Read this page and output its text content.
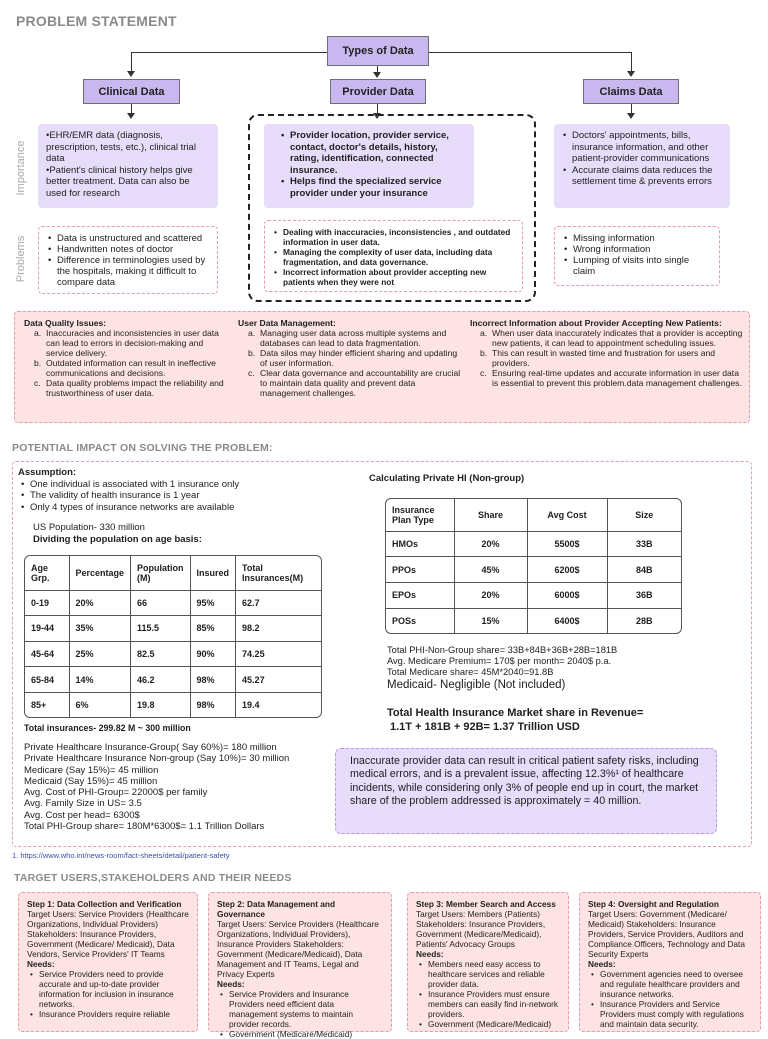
PROBLEM STATEMENT
Types of Data
Clinical Data	Provider Data	Claims Data
Importance
Problems
•EHR/EMR data (diagnosis, prescription, tests, etc.), clinical trial data
•Patient's clinical history helps give better treatment. Data can also be used for research
• Provider location, provider service, contact, doctor's details, history, rating, identification, connected insurance.
• Helps find the specialized service provider under your insurance
• Doctors' appointments, bills, insurance information, and other patient-provider communications
• Accurate claims data reduces the settlement time & prevents errors
• Data is unstructured and scattered
• Handwritten notes of doctor
• Difference in terminologies used by the hospitals, making it difficult to compare data
• Dealing with inaccuracies, inconsistencies , and outdated information in user data.
• Managing the complexity of user data, including data fragmentation, and data governance.
• Incorrect information about provider accepting new patients when they were not
• Missing information
• Wrong information
• Lumping of visits into single claim
Data Quality Issues:
Inaccuracies and inconsistencies in user data can lead to errors in decision-making and service delivery.
Outdated information can result in ineffective communications and decisions.
Data quality problems impact the reliability and trustworthiness of user data.
User Data Management:
Managing user data across multiple systems and databases can lead to data fragmentation.
Data silos may hinder efficient sharing and updating of user information.
Clear data governance and accountability are crucial to maintain data quality and prevent data management challenges.
Incorrect Information about Provider Accepting New Patients:
When user data inaccurately indicates that a provider is accepting new patients, it can lead to appointment scheduling issues.
This can result in wasted time and frustration for users and providers.
Ensuring real-time updates and accurate information in user data is essential to prevent this problem.data management challenges.
POTENTIAL IMPACT ON SOLVING THE PROBLEM:
Assumption:
• One individual is associated with 1 insurance only
• The validity of health insurance is 1 year
• Only 4 types of insurance networks are available
US Population- 330 million
Dividing the population on age basis:
Age Grp.	Percentage	Population (M)	Insured	Total Insurances(M)
0-19	20%	66	95%	62.7
19-44	35%	115.5	85%	98.2
45-64	25%	82.5	90%	74.25
65-84	14%	46.2	98%	45.27
85+	6%	19.8	98%	19.4
Total insurances- 299.82 M ~ 300 million
Private Healthcare Insurance-Group( Say 60%)= 180 million
Private Healthcare Insurance Non-group (Say 10%)= 30 million
Medicare (Say 15%)= 45 million
Medicaid (Say 15%)= 45 million
Avg. Cost of PHI-Group= 22000$ per family
Avg. Family Size in US= 3.5
Avg. Cost per head= 6300$
Total PHI-Group share= 180M*6300$= 1.1 Trillion Dollars
Calculating Private HI (Non-group)
Insurance Plan Type	Share	Avg Cost	Size
HMOs	20%	5500$	33B
PPOs	45%	6200$	84B
EPOs	20%	6000$	36B
POSs	15%	6400$	28B
Total PHI-Non-Group share= 33B+84B+36B+28B=181B
Avg. Medicare Premium= 170$ per month= 2040$ p.a.
Total Medicare share= 45M*2040=91.8B
Medicaid- Negligible (Not included)
Total Health Insurance Market share in Revenue=
1.1T + 181B + 92B= 1.37 Trillion USD
Inaccurate provider data can result in critical patient safety risks, including medical errors, and is a prevalent issue, affecting 12.3%¹ of healthcare incidents, while considering only 3% of people end up in court, the market share of the problem addressed is approximately = 40 million.
1. https://www.who.int/news-room/fact-sheets/detail/patient-safety
TARGET USERS,STAKEHOLDERS AND THEIR NEEDS
Step 1: Data Collection and Verification
Target Users: Service Providers (Healthcare Organizations, Individual Providers) Stakeholders: Insurance Providers, Government (Medicare/ Medicaid), Data Vendors, Service Providers' IT Teams
Needs:
• Service Providers need to provide accurate and up-to-date provider information for inclusion in insurance networks.
• Insurance Providers require reliable
Step 2: Data Management and Governance
Target Users: Service Providers (Healthcare Organizations, Individual Providers), Insurance Providers Stakeholders: Government (Medicare/Medicaid), Data Management and IT Teams, Legal and Privacy Experts
Needs:
• Service Providers and Insurance Providers need efficient data management systems to maintain provider records.
• Government (Medicare/Medicaid)
Step 3: Member Search and Access
Target Users: Members (Patients) Stakeholders: Insurance Providers, Government (Medicare/Medicaid), Patients' Advocacy Groups
Needs:
• Members need easy access to healthcare services and reliable provider data.
• Insurance Providers must ensure members can easily find in-network providers.
• Government (Medicare/Medicaid)
Step 4: Oversight and Regulation
Target Users: Government (Medicare/ Medicaid) Stakeholders: Insurance Providers, Service Providers, Auditors and Compliance Officers, Technology and Data Security Experts
Needs:
• Government agencies need to oversee and regulate healthcare providers and insurance networks.
• Insurance Providers and Service Providers must comply with regulations and maintain data security.
